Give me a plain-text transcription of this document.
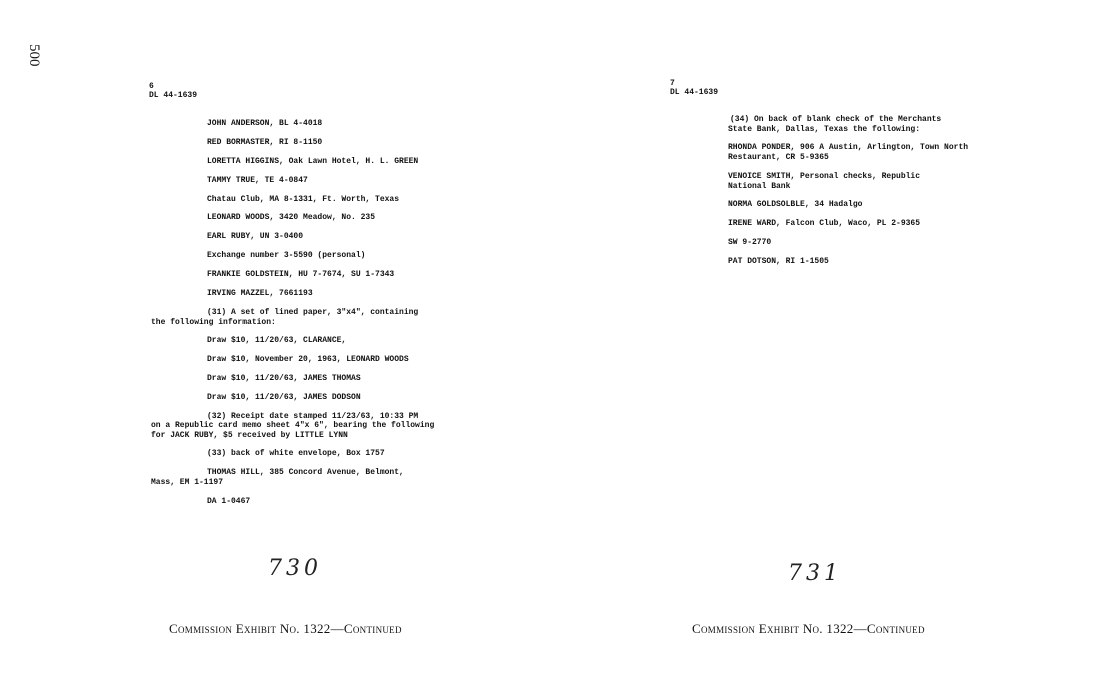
500
6
DL 44-1639
JOHN ANDERSON, BL 4-4018
RED BORMASTER, RI 8-1150
LORETTA HIGGINS, Oak Lawn Hotel, H. L. GREEN
TAMMY TRUE, TE 4-0847
Chatau Club, MA 8-1331, Ft. Worth, Texas
LEONARD WOODS, 3420 Meadow, No. 235
EARL RUBY, UN 3-0400
Exchange number 3-5590 (personal)
FRANKIE GOLDSTEIN, HU 7-7674, SU 1-7343
IRVING MAZZEL, 7661193
(31) A set of lined paper, 3"x4", containing
the following information:
Draw $10, 11/20/63, CLARANCE,
Draw $10, November 20, 1963, LEONARD WOODS
Draw $10, 11/20/63, JAMES THOMAS
Draw $10, 11/20/63, JAMES DODSON
(32) Receipt date stamped 11/23/63, 10:33 PM
on a Republic card memo sheet 4"x 6", bearing the following
for JACK RUBY, $5 received by LITTLE LYNN
(33) back of white envelope, Box 1757
THOMAS HILL, 385 Concord Avenue, Belmont,
Mass, EM 1-1197
DA 1-0467
730
Commission Exhibit No. 1322—Continued
7
DL 44-1639
(34) On back of blank check of the Merchants
State Bank, Dallas, Texas the following:
RHONDA PONDER, 906 A Austin, Arlington, Town North
Restaurant, CR 5-9365
VENOICE SMITH, Personal checks, Republic
National Bank
NORMA GOLDSOLBLE, 34 Hadalgo
IRENE WARD, Falcon Club, Waco, PL 2-9365
SW 9-2770
PAT DOTSON, RI 1-1505
731
Commission Exhibit No. 1322—Continued
